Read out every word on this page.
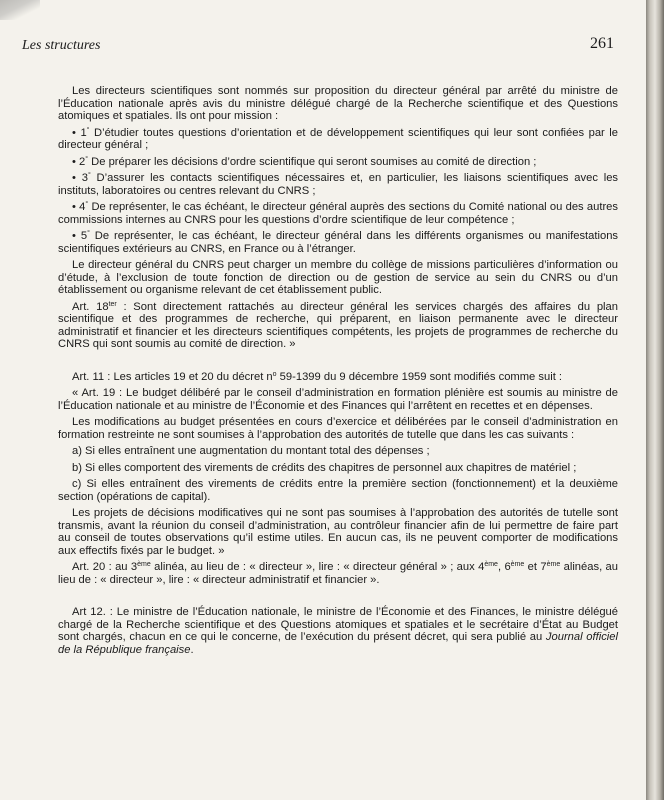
Les structures	261

Les directeurs scientifiques sont nommés sur proposition du directeur général par arrêté du ministre de l’Éducation nationale après avis du ministre délégué chargé de la Recherche scientifique et des Questions atomiques et spatiales. Ils ont pour mission :

• 1° D’étudier toutes questions d’orientation et de développement scientifiques qui leur sont confiées par le directeur général ;

• 2° De préparer les décisions d’ordre scientifique qui seront soumises au comité de direction ;

• 3° D’assurer les contacts scientifiques nécessaires et, en particulier, les liaisons scientifiques avec les instituts, laboratoires ou centres relevant du CNRS ;

• 4° De représenter, le cas échéant, le directeur général auprès des sections du Comité national ou des autres commissions internes au CNRS pour les questions d’ordre scientifique de leur compétence ;

• 5° De représenter, le cas échéant, le directeur général dans les différents organismes ou manifestations scientifiques extérieurs au CNRS, en France ou à l’étranger.

Le directeur général du CNRS peut charger un membre du collège de missions particulières d’information ou d’étude, à l’exclusion de toute fonction de direction ou de gestion de service au sein du CNRS ou d’un établissement ou organisme relevant de cet établissement public.

Art. $18^{ter}$ : Sont directement rattachés au directeur général les services chargés des affaires du plan scientifique et des programmes de recherche, qui préparent, en liaison permanente avec le directeur administratif et financier et les directeurs scientifiques compétents, les projets de programmes de recherche du CNRS qui sont soumis au comité de direction. »

Art. 11 : Les articles 19 et 20 du décret $n^o$ 59-1399 du 9 décembre 1959 sont modifiés comme suit :

« Art. 19 : Le budget délibéré par le conseil d’administration en formation plénière est soumis au ministre de l’Éducation nationale et au ministre de l’Économie et des Finances qui l’arrêtent en recettes et en dépenses.

Les modifications au budget présentées en cours d’exercice et délibérées par le conseil d’administration en formation restreinte ne sont soumises à l’approbation des autorités de tutelle que dans les cas suivants :

a) Si elles entraînent une augmentation du montant total des dépenses ;

b) Si elles comportent des virements de crédits des chapitres de personnel aux chapitres de matériel ;

c) Si elles entraînent des virements de crédits entre la première section (fonctionnement) et la deuxième section (opérations de capital).

Les projets de décisions modificatives qui ne sont pas soumises à l’approbation des autorités de tutelle sont transmis, avant la réunion du conseil d’administration, au contrôleur financier afin de lui permettre de faire part au conseil de toutes observations qu’il estime utiles. En aucun cas, ils ne peuvent comporter de modifications aux effectifs fixés par le budget. »

Art. 20 : au 3ème alinéa, au lieu de : « directeur », lire : « directeur général » ; aux 4ème, 6ème et 7ème alinéas, au lieu de : « directeur », lire : « directeur administratif et financier ».

Art 12. : Le ministre de l’Éducation nationale, le ministre de l’Économie et des Finances, le ministre délégué chargé de la Recherche scientifique et des Questions atomiques et spatiales et le secrétaire d’État au Budget sont chargés, chacun en ce qui le concerne, de l’exécution du présent décret, qui sera publié au Journal officiel de la République française.
